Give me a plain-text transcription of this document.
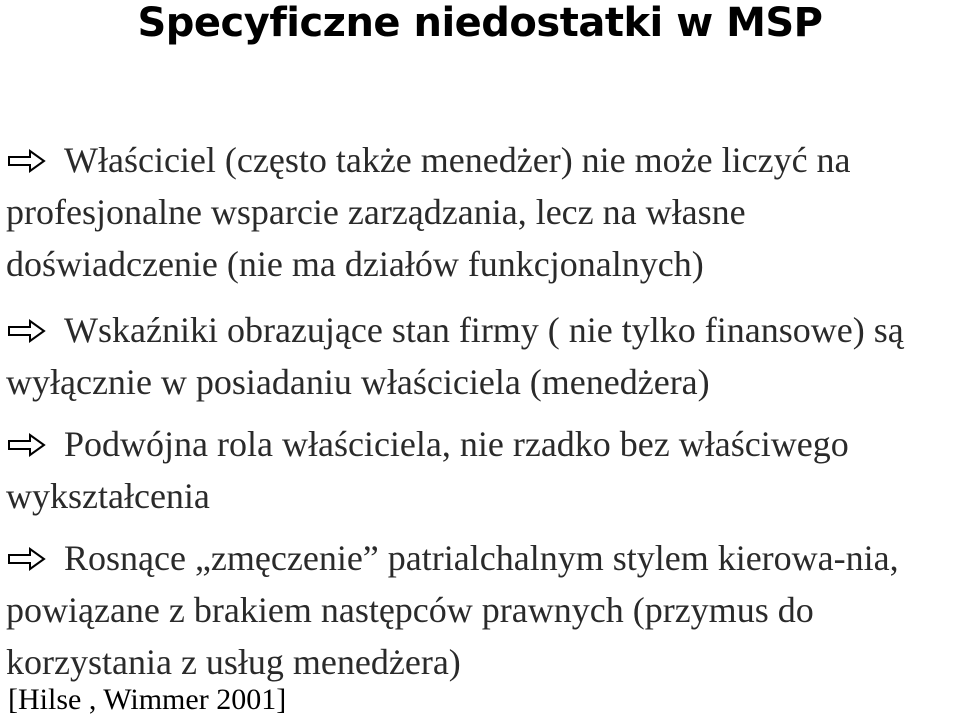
Specyficzne niedostatki w MSP
Właściciel (często także menedżer) nie może liczyć na profesjonalne wsparcie zarządzania, lecz na własne doświadczenie (nie ma działów funkcjonalnych)
Wskaźniki obrazujące stan firmy ( nie tylko finansowe) są wyłącznie w posiadaniu właściciela (menedżera)
Podwójna rola właściciela, nie rzadko bez właściwego wykształcenia
Rosnące „zmęczenie” patrialchalnym stylem kierowa-nia, powiązane z brakiem następców prawnych (przymus do korzystania z usług menedżera)
[Hilse , Wimmer 2001]
